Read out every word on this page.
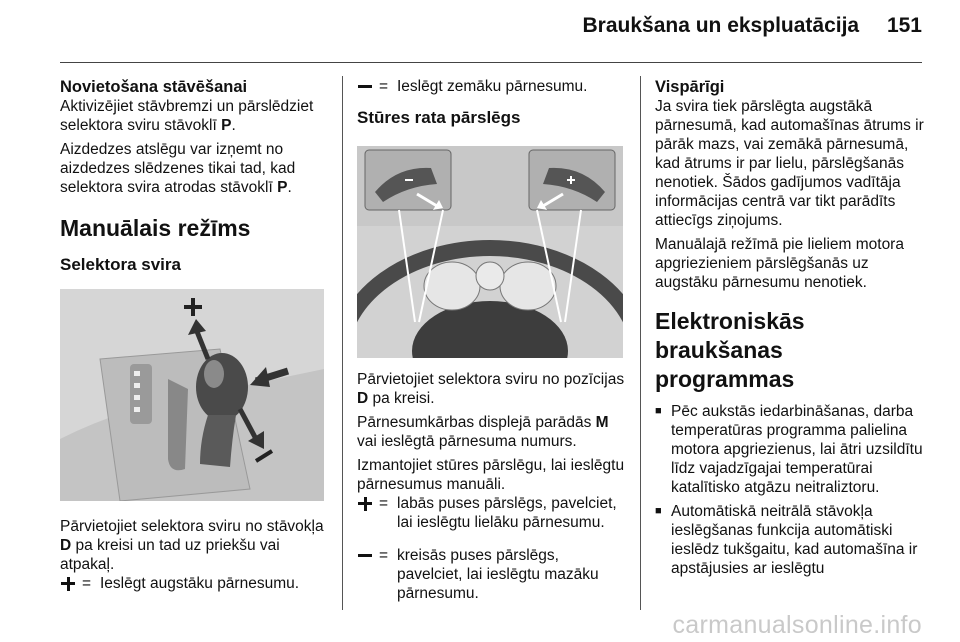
Braukšana un ekspluatācija 151
Novietošana stāvēšanai

Aktivizējiet stāvbremzi un pārslēdziet selektora sviru stāvoklī P.

Aizdedzes atslēgu var izņemt no aizdedzes slēdzenes tikai tad, kad selektora svira atrodas stāvoklī P.

Manuālais režīms
Selektora svira

Pārvietojiet selektora sviru no stāvokļa D pa kreisi un tad uz priekšu vai atpakaļ.

= Ieslēgt augstāku pārnesumu.
= Ieslēgt zemāku pārnesumu.
Stūres rata pārslēgs

Pārvietojiet selektora sviru no pozīcijas D pa kreisi.

Pārnesumkārbas displejā parādās M vai ieslēgtā pārnesuma numurs.

Izmantojiet stūres pārslēgu, lai ieslēgtu pārnesumus manuāli.

= labās puses pārslēgs, pavelciet, lai ieslēgtu lielāku pārnesumu.
= kreisās puses pārslēgs, pavelciet, lai ieslēgtu mazāku pārnesumu.
Vispārīgi

Ja svira tiek pārslēgta augstākā pārnesumā, kad automašīnas ātrums ir pārāk mazs, vai zemākā pārnesumā, kad ātrums ir par lielu, pārslēgšanās nenotiek. Šādos gadījumos vadītāja informācijas centrā var tikt parādīts attiecīgs ziņojums.

Manuālajā režīmā pie lieliem motora apgriezieniem pārslēgšanās uz augstāku pārnesumu nenotiek.

Elektroniskās braukšanas programmas
■ Pēc aukstās iedarbināšanas, darba temperatūras programma palielina motora apgriezienus, lai ātri uzsildītu līdz vajadzīgajai temperatūrai katalītisko atgāzu neitraliztoru.
■ Automātiskā neitrālā stāvokļa ieslēgšanas funkcija automātiski ieslēdz tukšgaitu, kad automašīna ir apstājusies ar ieslēgtu
carmanualsonline.info
